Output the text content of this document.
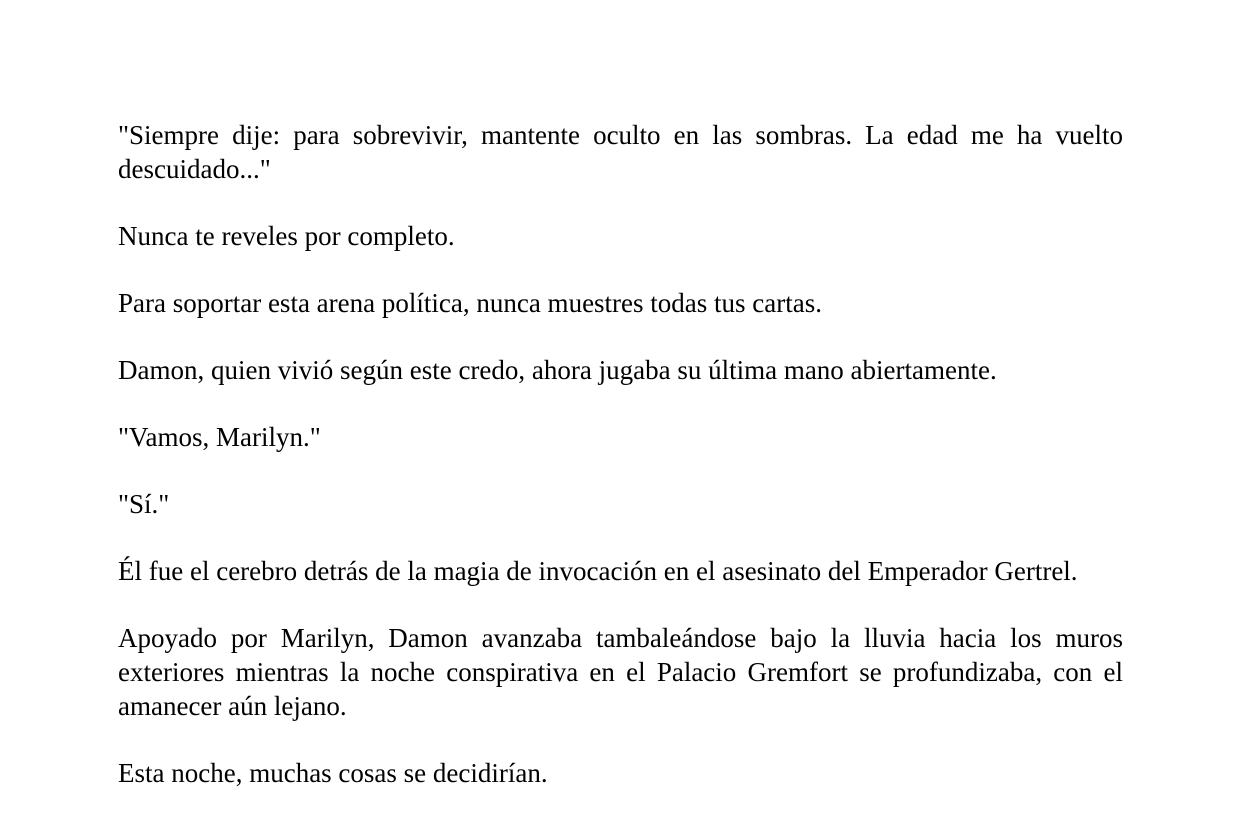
"Siempre dije: para sobrevivir, mantente oculto en las sombras. La edad me ha vuelto descuidado..."

Nunca te reveles por completo.

Para soportar esta arena política, nunca muestres todas tus cartas.

Damon, quien vivió según este credo, ahora jugaba su última mano abiertamente.

"Vamos, Marilyn."

"Sí."

Él fue el cerebro detrás de la magia de invocación en el asesinato del Emperador Gertrel.

Apoyado por Marilyn, Damon avanzaba tambaleándose bajo la lluvia hacia los muros exteriores mientras la noche conspirativa en el Palacio Gremfort se profundizaba, con el amanecer aún lejano.

Esta noche, muchas cosas se decidirían.
